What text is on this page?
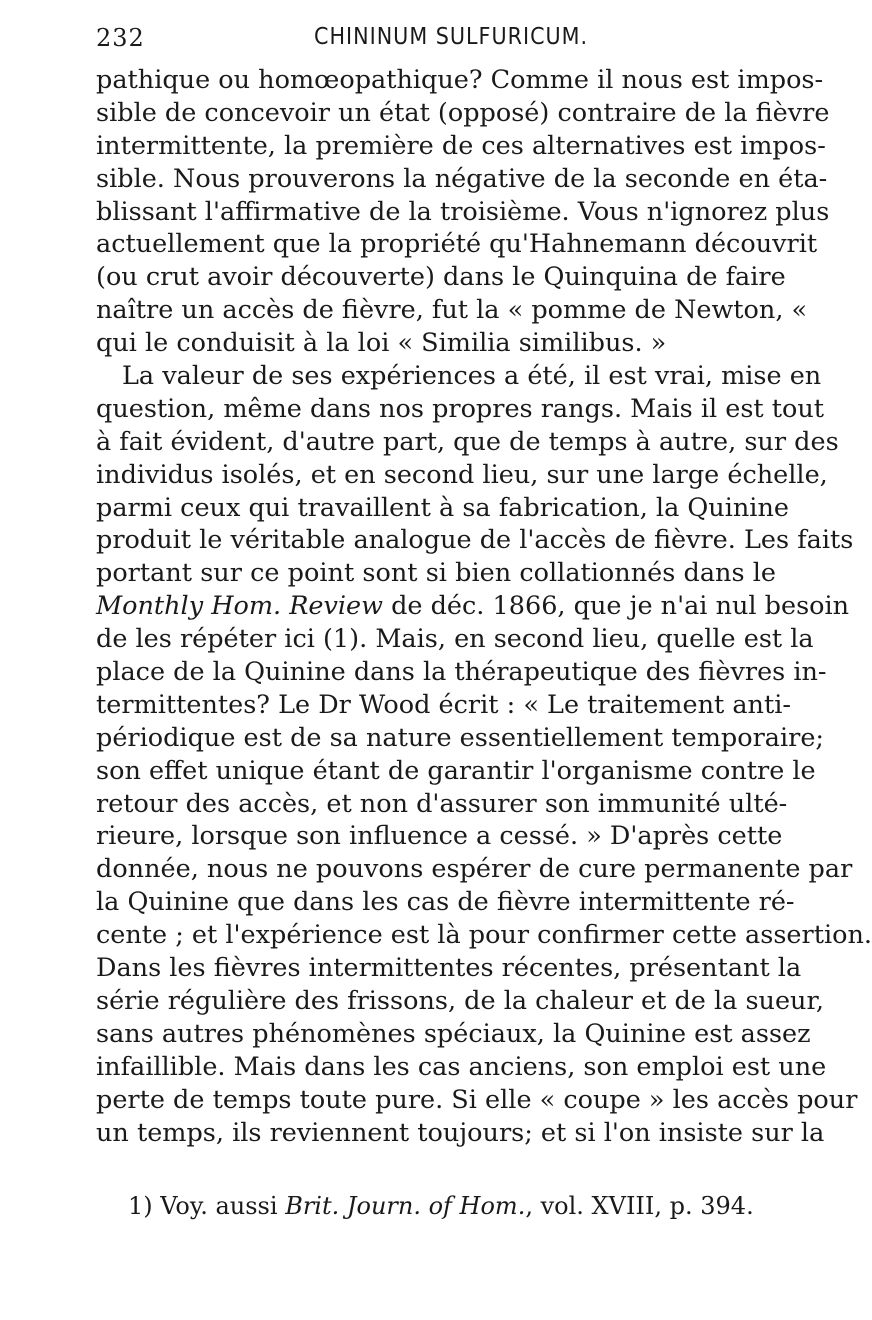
232	CHININUM SULFURICUM.
pathique ou homœopathique? Comme il nous est impos-
sible de concevoir un état (opposé) contraire de la fièvre
intermittente, la première de ces alternatives est impos-
sible. Nous prouverons la négative de la seconde en éta-
blissant l'affirmative de la troisième. Vous n'ignorez plus
actuellement que la propriété qu'Hahnemann découvrit
(ou crut avoir découverte) dans le Quinquina de faire
naître un accès de fièvre, fut la « pomme de Newton, «
qui le conduisit à la loi « Similia similibus. »
La valeur de ses expériences a été, il est vrai, mise en
question, même dans nos propres rangs. Mais il est tout
à fait évident, d'autre part, que de temps à autre, sur des
individus isolés, et en second lieu, sur une large échelle,
parmi ceux qui travaillent à sa fabrication, la Quinine
produit le véritable analogue de l'accès de fièvre. Les faits
portant sur ce point sont si bien collationnés dans le
Monthly Hom. Review de déc. 1866, que je n'ai nul besoin
de les répéter ici (1). Mais, en second lieu, quelle est la
place de la Quinine dans la thérapeutique des fièvres in-
termittentes? Le Dr Wood écrit : « Le traitement anti-
périodique est de sa nature essentiellement temporaire;
son effet unique étant de garantir l'organisme contre le
retour des accès, et non d'assurer son immunité ulté-
rieure, lorsque son influence a cessé. » D'après cette
donnée, nous ne pouvons espérer de cure permanente par
la Quinine que dans les cas de fièvre intermittente ré-
cente ; et l'expérience est là pour confirmer cette assertion.
Dans les fièvres intermittentes récentes, présentant la
série régulière des frissons, de la chaleur et de la sueur,
sans autres phénomènes spéciaux, la Quinine est assez
infaillible. Mais dans les cas anciens, son emploi est une
perte de temps toute pure. Si elle « coupe » les accès pour
un temps, ils reviennent toujours; et si l'on insiste sur la
1) Voy. aussi Brit. Journ. of Hom., vol. XVIII, p. 394.
